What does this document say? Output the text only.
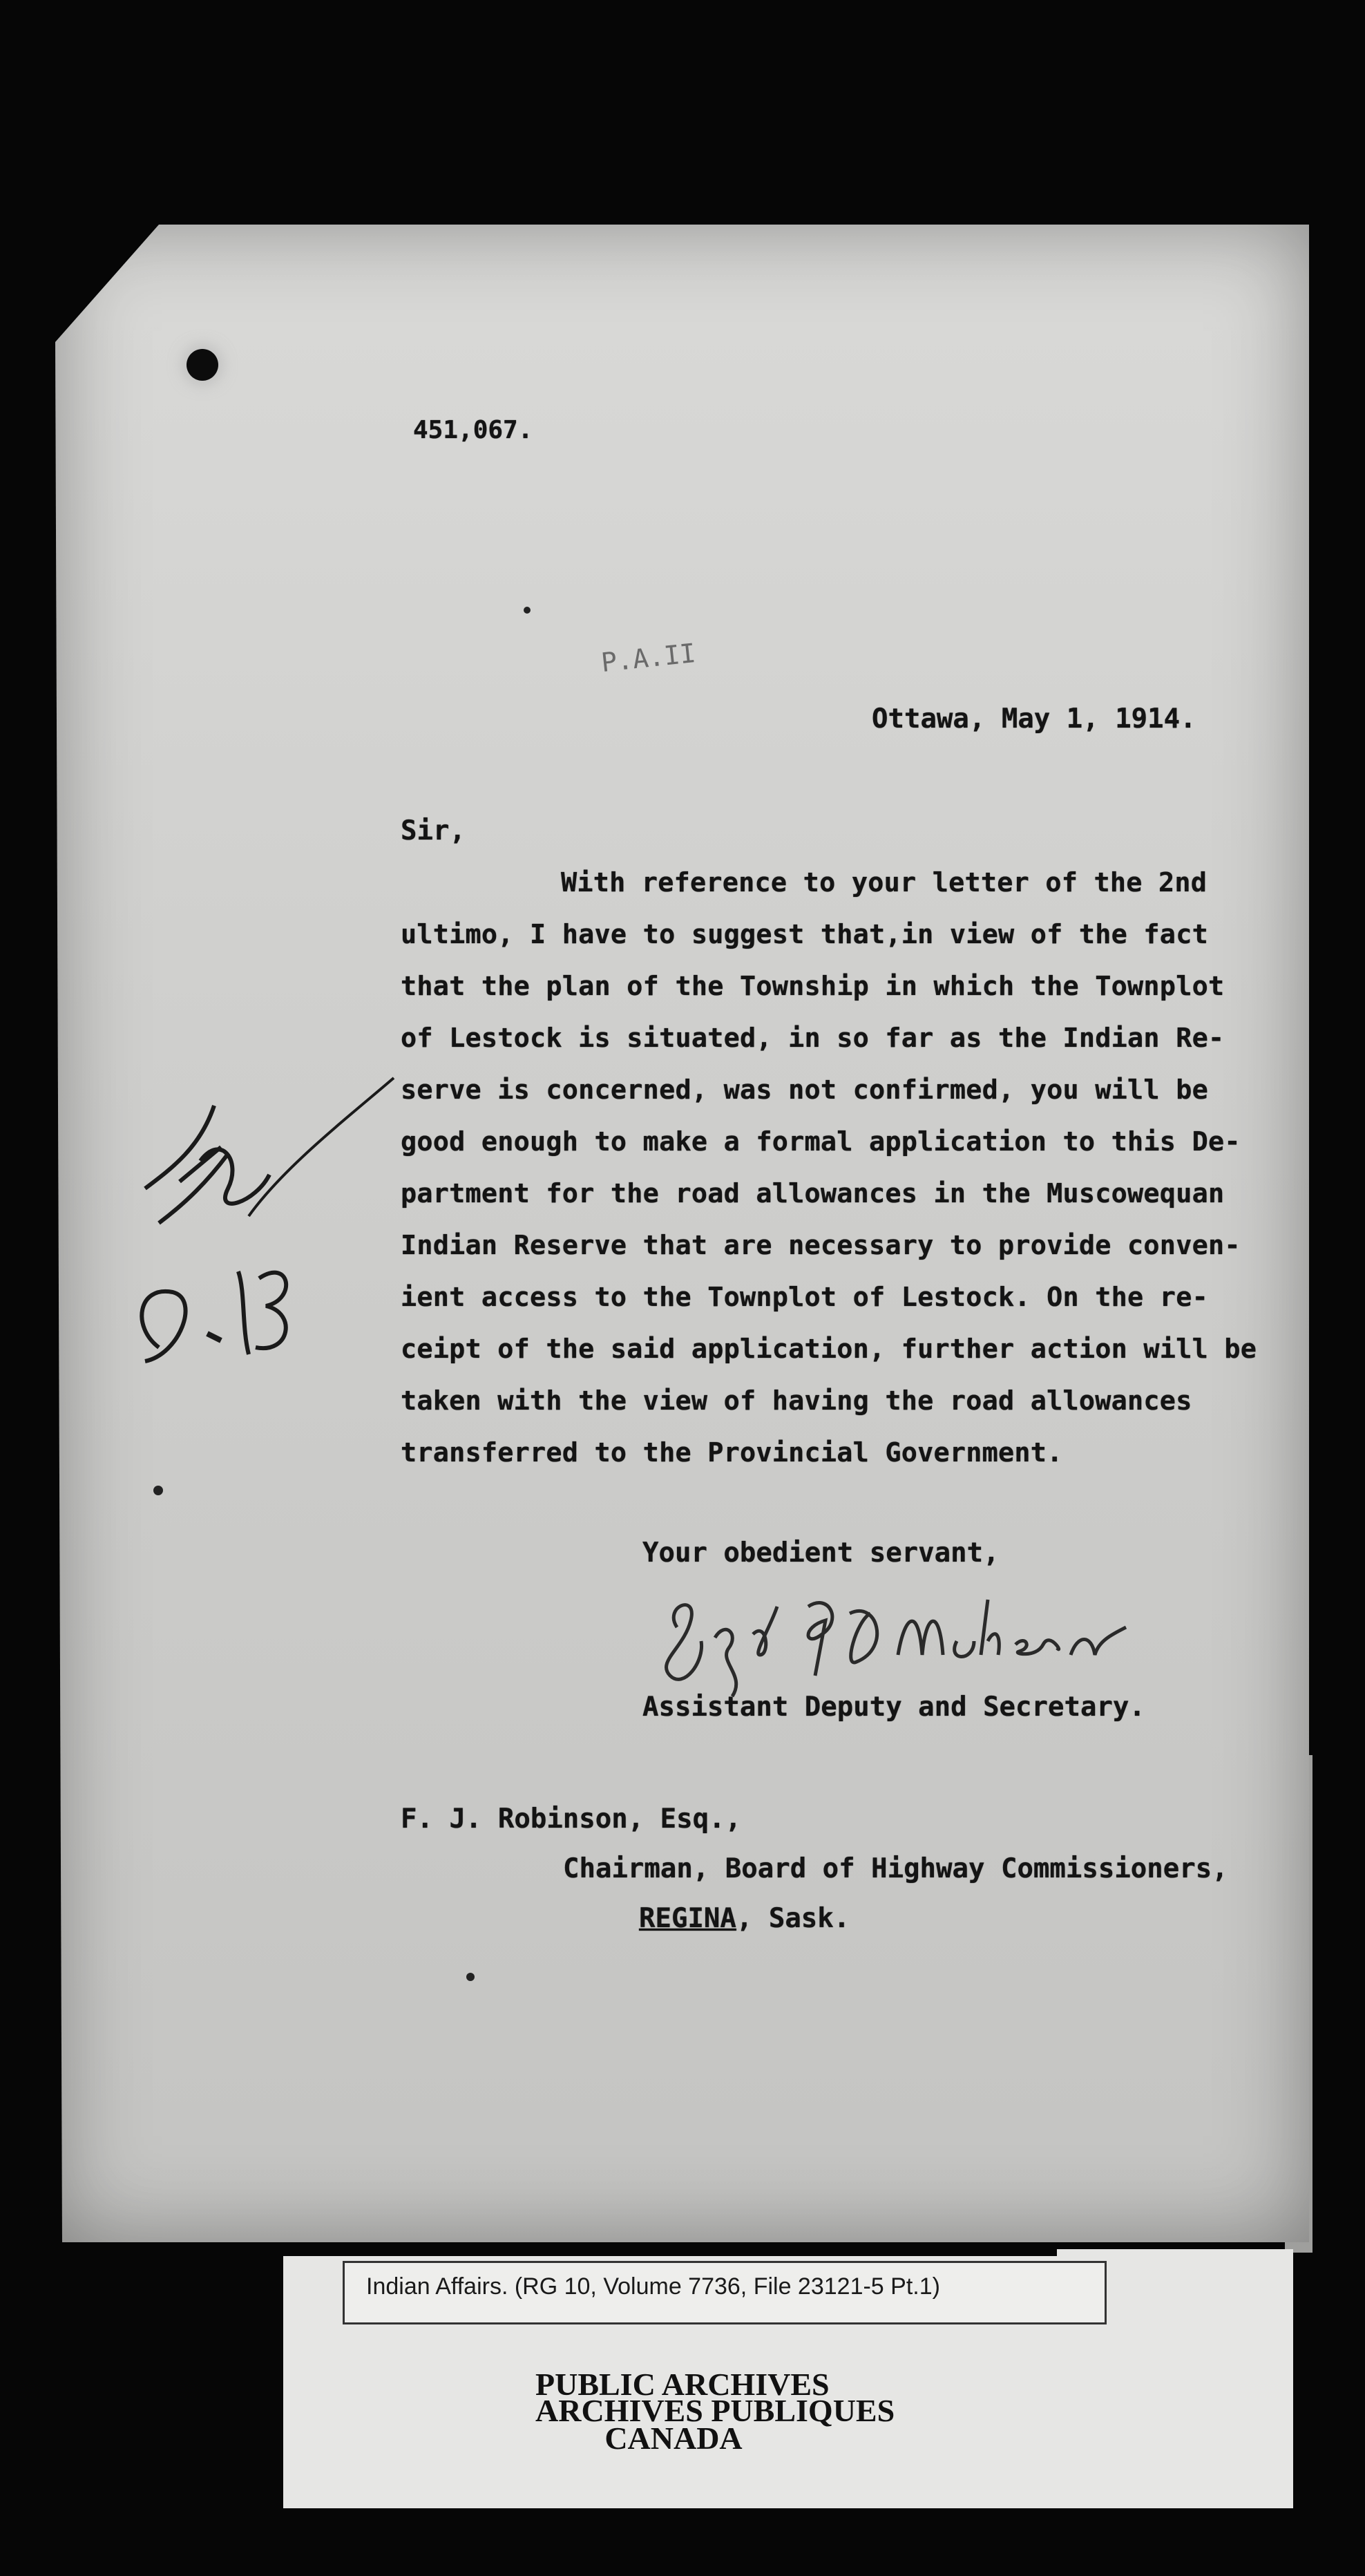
451,067.
P.A.II
Ottawa, May 1, 1914.
Sir,
With reference to your letter of the 2nd
ultimo, I have to suggest that,in view of the fact
that the plan of the Township in which the Townplot
of Lestock is situated, in so far as the Indian Re-
serve is concerned, was not confirmed, you will be
good enough to make a formal application to this De-
partment for the road allowances in the Muscowequan
Indian Reserve that are necessary to provide conven-
ient access to the Townplot of Lestock. On the re-
ceipt of the said application, further action will be
taken with the view of having the road allowances
transferred to the Provincial Government.
Your obedient servant,
Assistant Deputy and Secretary.
F. J. Robinson, Esq.,
Chairman, Board of Highway Commissioners,
REGINA, Sask.
Indian Affairs. (RG 10, Volume 7736, File 23121-5 Pt.1)
PUBLIC ARCHIVES
ARCHIVES PUBLIQUES
CANADA
